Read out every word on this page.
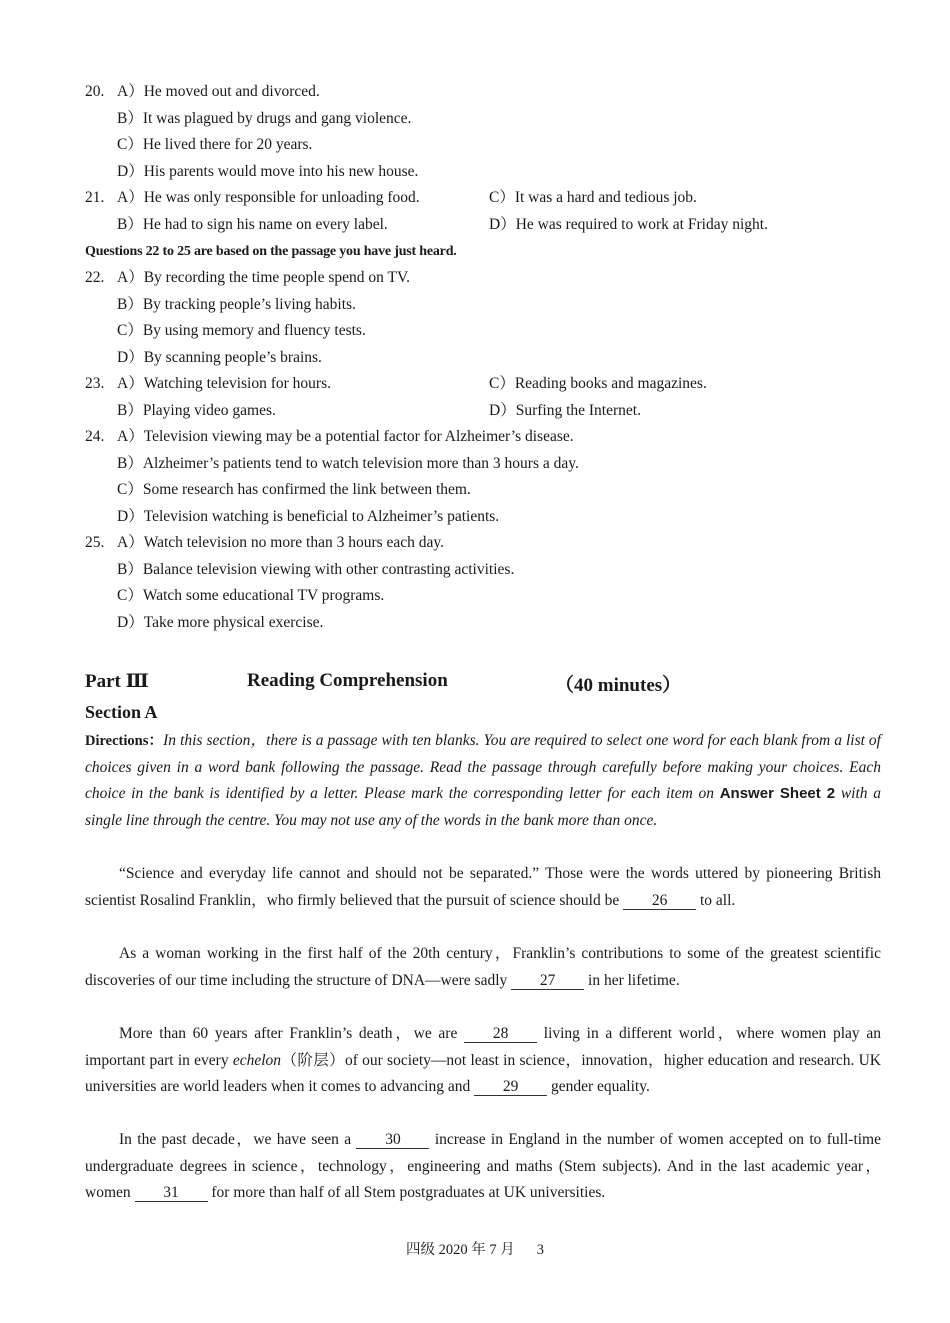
20. A）He moved out and divorced.
B）It was plagued by drugs and gang violence.
C）He lived there for 20 years.
D）His parents would move into his new house.
21. A）He was only responsible for unloading food.	C）It was a hard and tedious job.
B）He had to sign his name on every label.	D）He was required to work at Friday night.
Questions 22 to 25 are based on the passage you have just heard.
22. A）By recording the time people spend on TV.
B）By tracking people’s living habits.
C）By using memory and fluency tests.
D）By scanning people’s brains.
23. A）Watching television for hours.	C）Reading books and magazines.
B）Playing video games.	D）Surfing the Internet.
24. A）Television viewing may be a potential factor for Alzheimer’s disease.
B）Alzheimer’s patients tend to watch television more than 3 hours a day.
C）Some research has confirmed the link between them.
D）Television watching is beneficial to Alzheimer’s patients.
25. A）Watch television no more than 3 hours each day.
B）Balance television viewing with other contrasting activities.
C）Watch some educational TV programs.
D）Take more physical exercise.
Part Ⅲ	Reading Comprehension	（40 minutes）
Section A
Directions：In this section，there is a passage with ten blanks. You are required to select one word for each blank from a list of choices given in a word bank following the passage. Read the passage through carefully before making your choices. Each choice in the bank is identified by a letter. Please mark the corresponding letter for each item on Answer Sheet 2 with a single line through the centre. You may not use any of the words in the bank more than once.
“Science and everyday life cannot and should not be separated.” Those were the words uttered by pioneering British scientist Rosalind Franklin，who firmly believed that the pursuit of science should be 26 to all.
As a woman working in the first half of the 20th century，Franklin’s contributions to some of the greatest scientific discoveries of our time including the structure of DNA—were sadly 27 in her lifetime.
More than 60 years after Franklin’s death，we are 28 living in a different world，where women play an important part in every echelon（阶层）of our society—not least in science，innovation，higher education and research. UK universities are world leaders when it comes to advancing and 29 gender equality.
In the past decade，we have seen a 30 increase in England in the number of women accepted on to full-time undergraduate degrees in science，technology，engineering and maths (Stem subjects). And in the last academic year，women 31 for more than half of all Stem postgraduates at UK universities.
四级 2020 年 7 月 3
